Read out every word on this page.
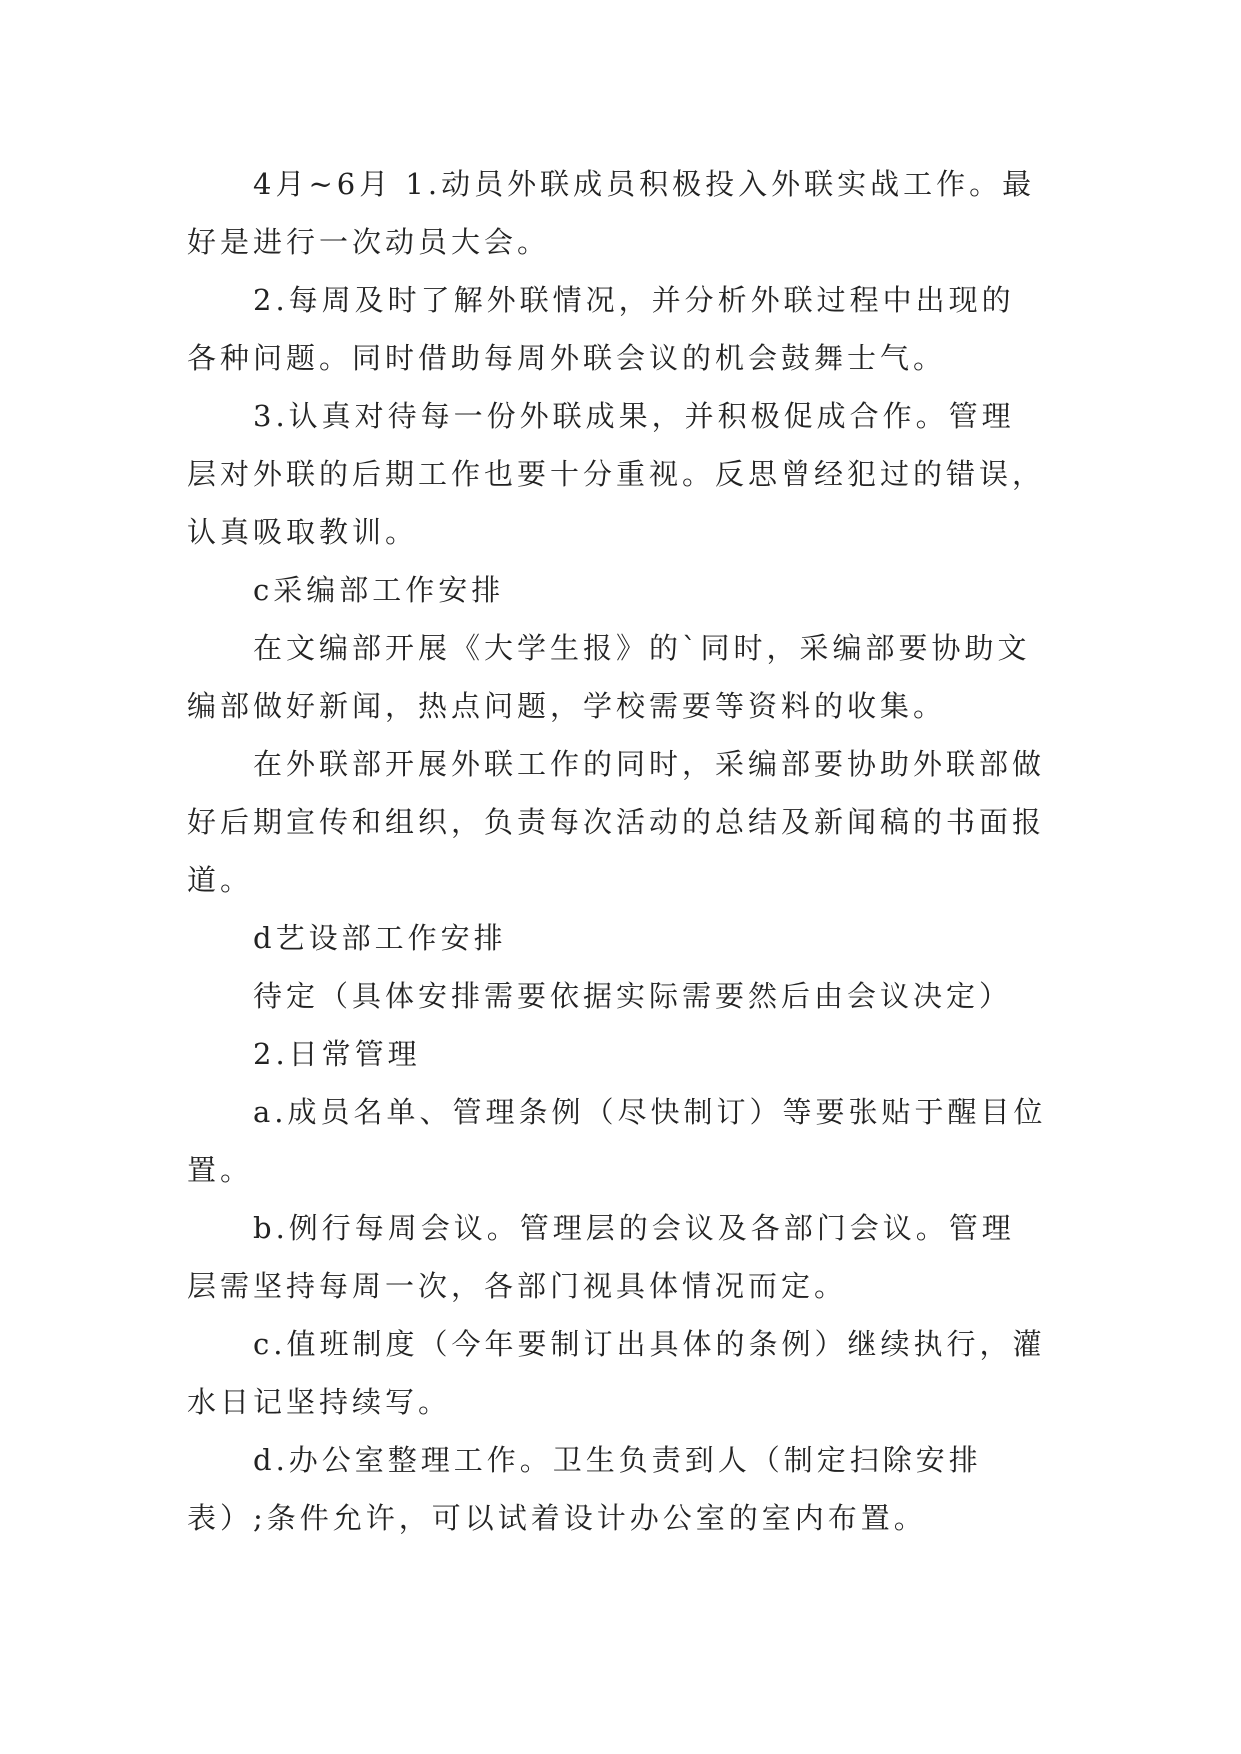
4月~6月 1.动员外联成员积极投入外联实战工作。最好是进行一次动员大会。

2.每周及时了解外联情况，并分析外联过程中出现的各种问题。同时借助每周外联会议的机会鼓舞士气。

3.认真对待每一份外联成果，并积极促成合作。管理层对外联的后期工作也要十分重视。反思曾经犯过的错误，认真吸取教训。

c采编部工作安排

在文编部开展《大学生报》的`同时，采编部要协助文编部做好新闻，热点问题，学校需要等资料的收集。

在外联部开展外联工作的同时，采编部要协助外联部做好后期宣传和组织，负责每次活动的总结及新闻稿的书面报道。

d艺设部工作安排

待定（具体安排需要依据实际需要然后由会议决定）

2.日常管理

a.成员名单、管理条例（尽快制订）等要张贴于醒目位置。

b.例行每周会议。管理层的会议及各部门会议。管理层需坚持每周一次，各部门视具体情况而定。

c.值班制度（今年要制订出具体的条例）继续执行，灌水日记坚持续写。

d.办公室整理工作。卫生负责到人（制定扫除安排表）;条件允许，可以试着设计办公室的室内布置。
